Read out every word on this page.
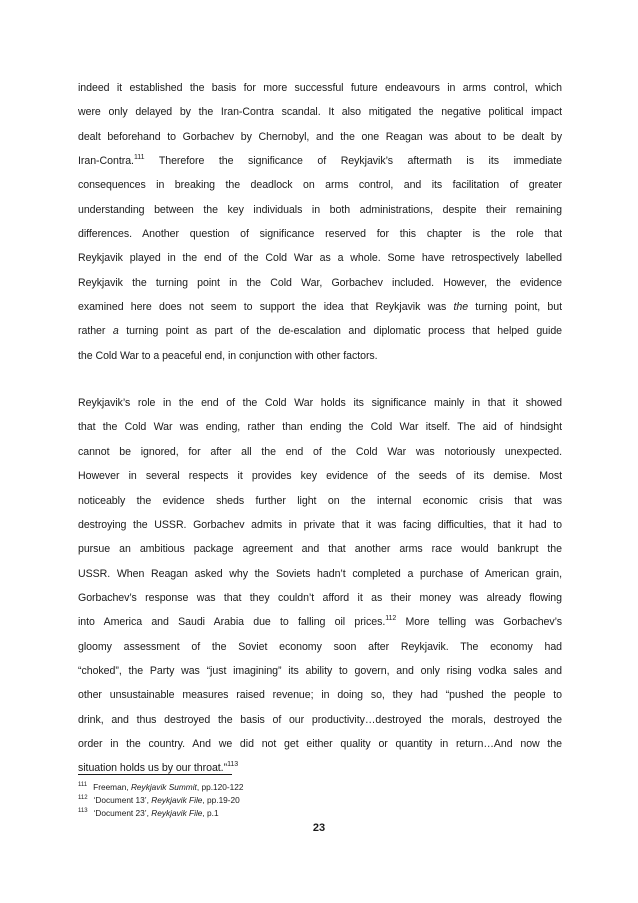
indeed it established the basis for more successful future endeavours in arms control, which
were only delayed by the Iran-Contra scandal. It also mitigated the negative political impact
dealt beforehand to Gorbachev by Chernobyl, and the one Reagan was about to be dealt by
Iran-Contra.$^{111}$ Therefore the significance of Reykjavik’s aftermath is its immediate
consequences in breaking the deadlock on arms control, and its facilitation of greater
understanding between the key individuals in both administrations, despite their remaining
differences. Another question of significance reserved for this chapter is the role that
Reykjavik played in the end of the Cold War as a whole. Some have retrospectively labelled
Reykjavik the turning point in the Cold War, Gorbachev included. However, the evidence
examined here does not seem to support the idea that Reykjavik was the turning point, but
rather a turning point as part of the de-escalation and diplomatic process that helped guide
the Cold War to a peaceful end, in conjunction with other factors.
Reykjavik’s role in the end of the Cold War holds its significance mainly in that it showed
that the Cold War was ending, rather than ending the Cold War itself. The aid of hindsight
cannot be ignored, for after all the end of the Cold War was notoriously unexpected.
However in several respects it provides key evidence of the seeds of its demise. Most
noticeably the evidence sheds further light on the internal economic crisis that was
destroying the USSR. Gorbachev admits in private that it was facing difficulties, that it had to
pursue an ambitious package agreement and that another arms race would bankrupt the
USSR. When Reagan asked why the Soviets hadn’t completed a purchase of American grain,
Gorbachev’s response was that they couldn’t afford it as their money was already flowing
into America and Saudi Arabia due to falling oil prices.$^{112}$ More telling was Gorbachev’s
gloomy assessment of the Soviet economy soon after Reykjavik. The economy had
“choked”, the Party was “just imagining” its ability to govern, and only rising vodka sales and
other unsustainable measures raised revenue; in doing so, they had “pushed the people to
drink, and thus destroyed the basis of our productivity…destroyed the morals, destroyed the
order in the country. And we did not get either quality or quantity in return…And now the
situation holds us by our throat.”$^{113}$
$^{111}$ Freeman, Reykjavik Summit, pp.120-122
$^{112}$ ‘Document 13’, Reykjavik File, pp.19-20
$^{113}$ ‘Document 23’, Reykjavik File, p.1
23
